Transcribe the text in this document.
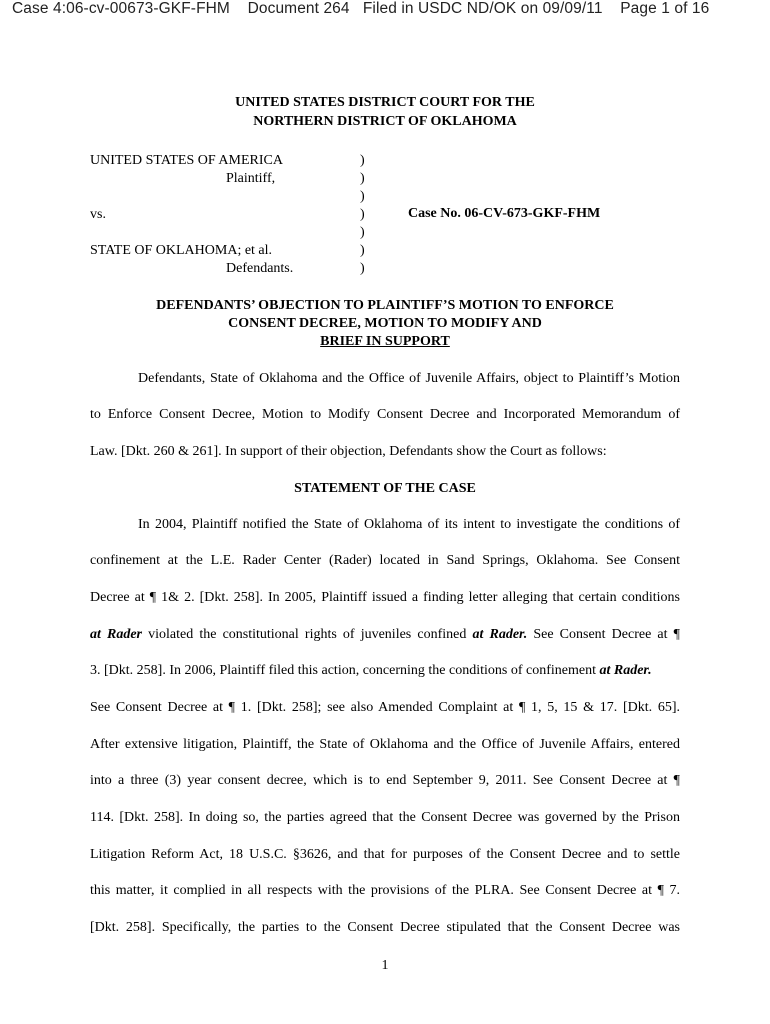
Case 4:06-cv-00673-GKF-FHM Document 264 Filed in USDC ND/OK on 09/09/11 Page 1 of 16
UNITED STATES DISTRICT COURT FOR THE
NORTHERN DISTRICT OF OKLAHOMA
UNITED STATES OF AMERICA
Plaintiff,
vs.
STATE OF OKLAHOMA; et al.
Defendants.
)
)
)
)
)
)
)
Case No. 06-CV-673-GKF-FHM
DEFENDANTS’ OBJECTION TO PLAINTIFF’S MOTION TO ENFORCE
CONSENT DECREE, MOTION TO MODIFY AND
BRIEF IN SUPPORT
Defendants, State of Oklahoma and the Office of Juvenile Affairs, object to Plaintiff’s Motion
to Enforce Consent Decree, Motion to Modify Consent Decree and Incorporated Memorandum of
Law. [Dkt. 260 & 261]. In support of their objection, Defendants show the Court as follows:
STATEMENT OF THE CASE
In 2004, Plaintiff notified the State of Oklahoma of its intent to investigate the conditions of
confinement at the L.E. Rader Center (Rader) located in Sand Springs, Oklahoma. See Consent
Decree at ¶ 1& 2. [Dkt. 258]. In 2005, Plaintiff issued a finding letter alleging that certain conditions
at Rader violated the constitutional rights of juveniles confined at Rader. See Consent Decree at ¶
3. [Dkt. 258]. In 2006, Plaintiff filed this action, concerning the conditions of confinement at Rader.
See Consent Decree at ¶ 1. [Dkt. 258]; see also Amended Complaint at ¶ 1, 5, 15 & 17. [Dkt. 65].
After extensive litigation, Plaintiff, the State of Oklahoma and the Office of Juvenile Affairs, entered
into a three (3) year consent decree, which is to end September 9, 2011. See Consent Decree at ¶
114. [Dkt. 258]. In doing so, the parties agreed that the Consent Decree was governed by the Prison
Litigation Reform Act, 18 U.S.C. §3626, and that for purposes of the Consent Decree and to settle
this matter, it complied in all respects with the provisions of the PLRA. See Consent Decree at ¶ 7.
[Dkt. 258]. Specifically, the parties to the Consent Decree stipulated that the Consent Decree was
1
